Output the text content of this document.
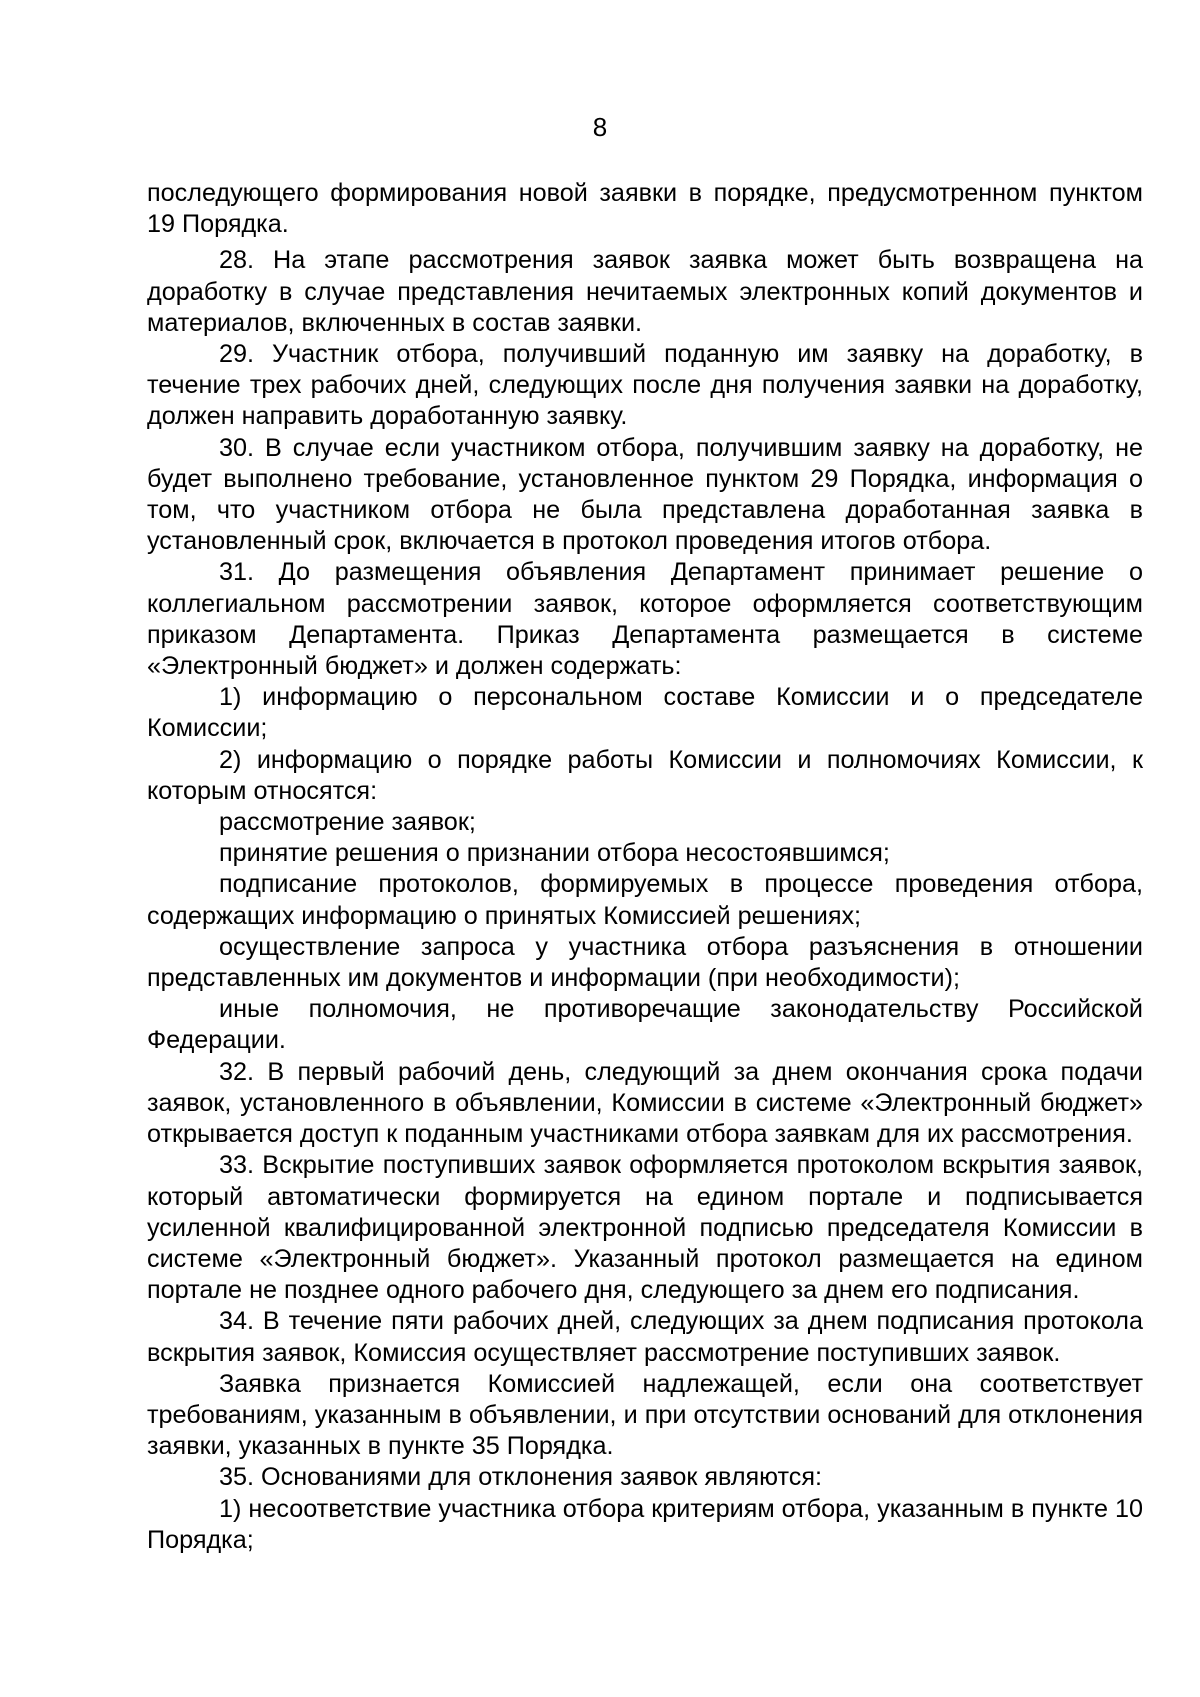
8

последующего формирования новой заявки в порядке, предусмотренном пунктом 19 Порядка.

28. На этапе рассмотрения заявок заявка может быть возвращена на доработку в случае представления нечитаемых электронных копий документов и материалов, включенных в состав заявки.

29. Участник отбора, получивший поданную им заявку на доработку, в течение трех рабочих дней, следующих после дня получения заявки на доработку, должен направить доработанную заявку.

30. В случае если участником отбора, получившим заявку на доработку, не будет выполнено требование, установленное пунктом 29 Порядка, информация о том, что участником отбора не была представлена доработанная заявка в установленный срок, включается в протокол проведения итогов отбора.

31. До размещения объявления Департамент принимает решение о коллегиальном рассмотрении заявок, которое оформляется соответствующим приказом Департамента. Приказ Департамента размещается в системе «Электронный бюджет» и должен содержать:

1) информацию о персональном составе Комиссии и о председателе Комиссии;

2) информацию о порядке работы Комиссии и полномочиях Комиссии, к которым относятся:

рассмотрение заявок;

принятие решения о признании отбора несостоявшимся;

подписание протоколов, формируемых в процессе проведения отбора, содержащих информацию о принятых Комиссией решениях;

осуществление запроса у участника отбора разъяснения в отношении представленных им документов и информации (при необходимости);

иные полномочия, не противоречащие законодательству Российской Федерации.

32. В первый рабочий день, следующий за днем окончания срока подачи заявок, установленного в объявлении, Комиссии в системе «Электронный бюджет» открывается доступ к поданным участниками отбора заявкам для их рассмотрения.

33. Вскрытие поступивших заявок оформляется протоколом вскрытия заявок, который автоматически формируется на едином портале и подписывается усиленной квалифицированной электронной подписью председателя Комиссии в системе «Электронный бюджет». Указанный протокол размещается на едином портале не позднее одного рабочего дня, следующего за днем его подписания.

34. В течение пяти рабочих дней, следующих за днем подписания протокола вскрытия заявок, Комиссия осуществляет рассмотрение поступивших заявок.

Заявка признается Комиссией надлежащей, если она соответствует требованиям, указанным в объявлении, и при отсутствии оснований для отклонения заявки, указанных в пункте 35 Порядка.

35. Основаниями для отклонения заявок являются:

1) несоответствие участника отбора критериям отбора, указанным в пункте 10 Порядка;
